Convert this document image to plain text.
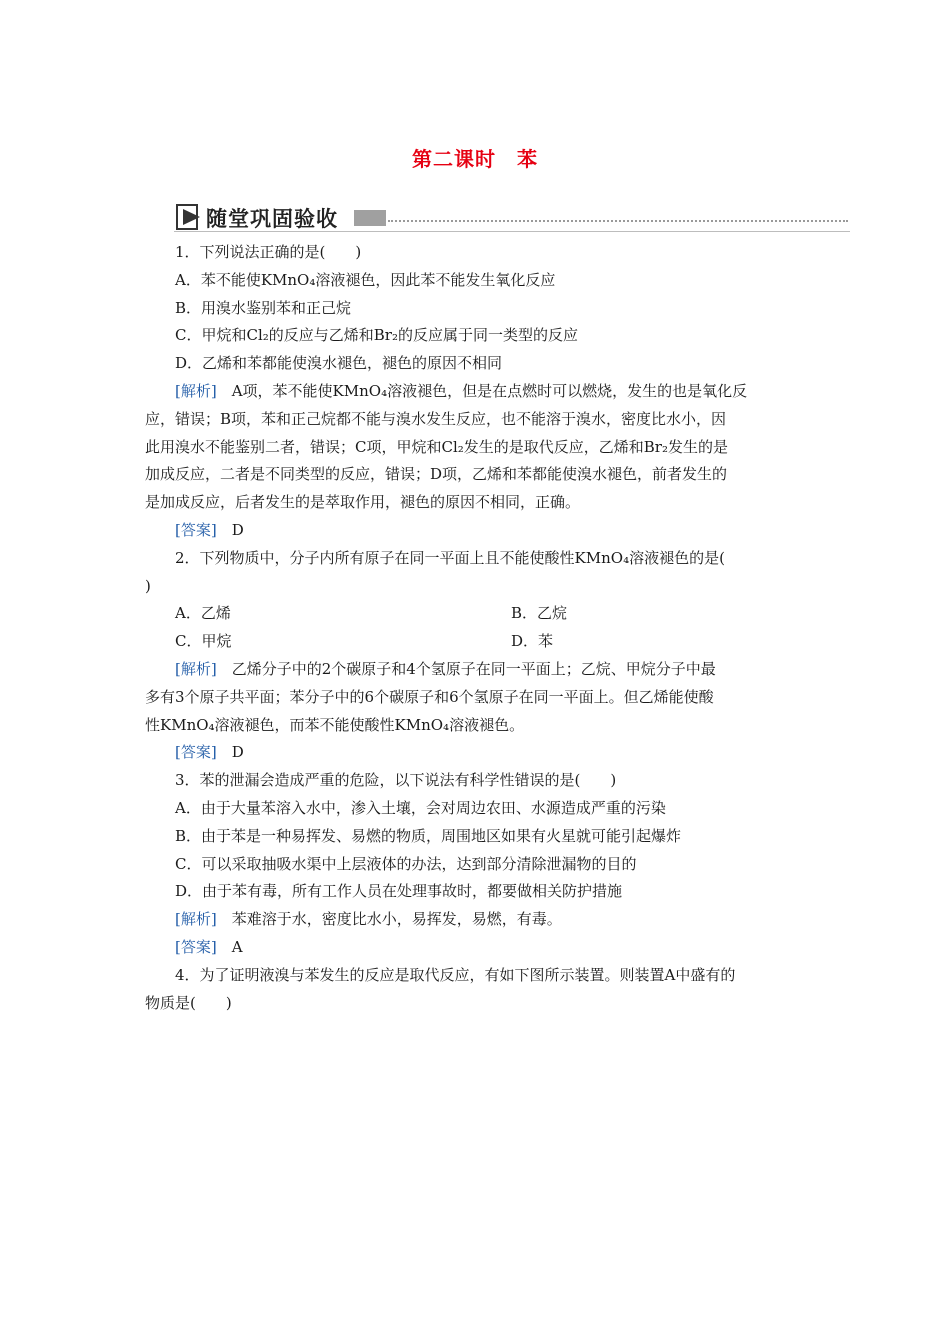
第二课时　苯
随堂巩固验收
1．下列说法正确的是(　　)
A．苯不能使KMnO₄溶液褪色，因此苯不能发生氧化反应
B．用溴水鉴别苯和正己烷
C．甲烷和Cl₂的反应与乙烯和Br₂的反应属于同一类型的反应
D．乙烯和苯都能使溴水褪色，褪色的原因不相同
[解析]　A项，苯不能使KMnO₄溶液褪色，但是在点燃时可以燃烧，发生的也是氧化反
应，错误；B项，苯和正己烷都不能与溴水发生反应，也不能溶于溴水，密度比水小，因
此用溴水不能鉴别二者，错误；C项，甲烷和Cl₂发生的是取代反应，乙烯和Br₂发生的是
加成反应，二者是不同类型的反应，错误；D项，乙烯和苯都能使溴水褪色，前者发生的
是加成反应，后者发生的是萃取作用，褪色的原因不相同，正确。
[答案]　D
2．下列物质中，分子内所有原子在同一平面上且不能使酸性KMnO₄溶液褪色的是(
)
A．乙烯	B．乙烷
C．甲烷	D．苯
[解析]　乙烯分子中的2个碳原子和4个氢原子在同一平面上；乙烷、甲烷分子中最
多有3个原子共平面；苯分子中的6个碳原子和6个氢原子在同一平面上。但乙烯能使酸
性KMnO₄溶液褪色，而苯不能使酸性KMnO₄溶液褪色。
[答案]　D
3．苯的泄漏会造成严重的危险，以下说法有科学性错误的是(　　)
A．由于大量苯溶入水中，渗入土壤，会对周边农田、水源造成严重的污染
B．由于苯是一种易挥发、易燃的物质，周围地区如果有火星就可能引起爆炸
C．可以采取抽吸水渠中上层液体的办法，达到部分清除泄漏物的目的
D．由于苯有毒，所有工作人员在处理事故时，都要做相关防护措施
[解析]　苯难溶于水，密度比水小，易挥发，易燃，有毒。
[答案]　A
4．为了证明液溴与苯发生的反应是取代反应，有如下图所示装置。则装置A中盛有的
物质是(　　)
